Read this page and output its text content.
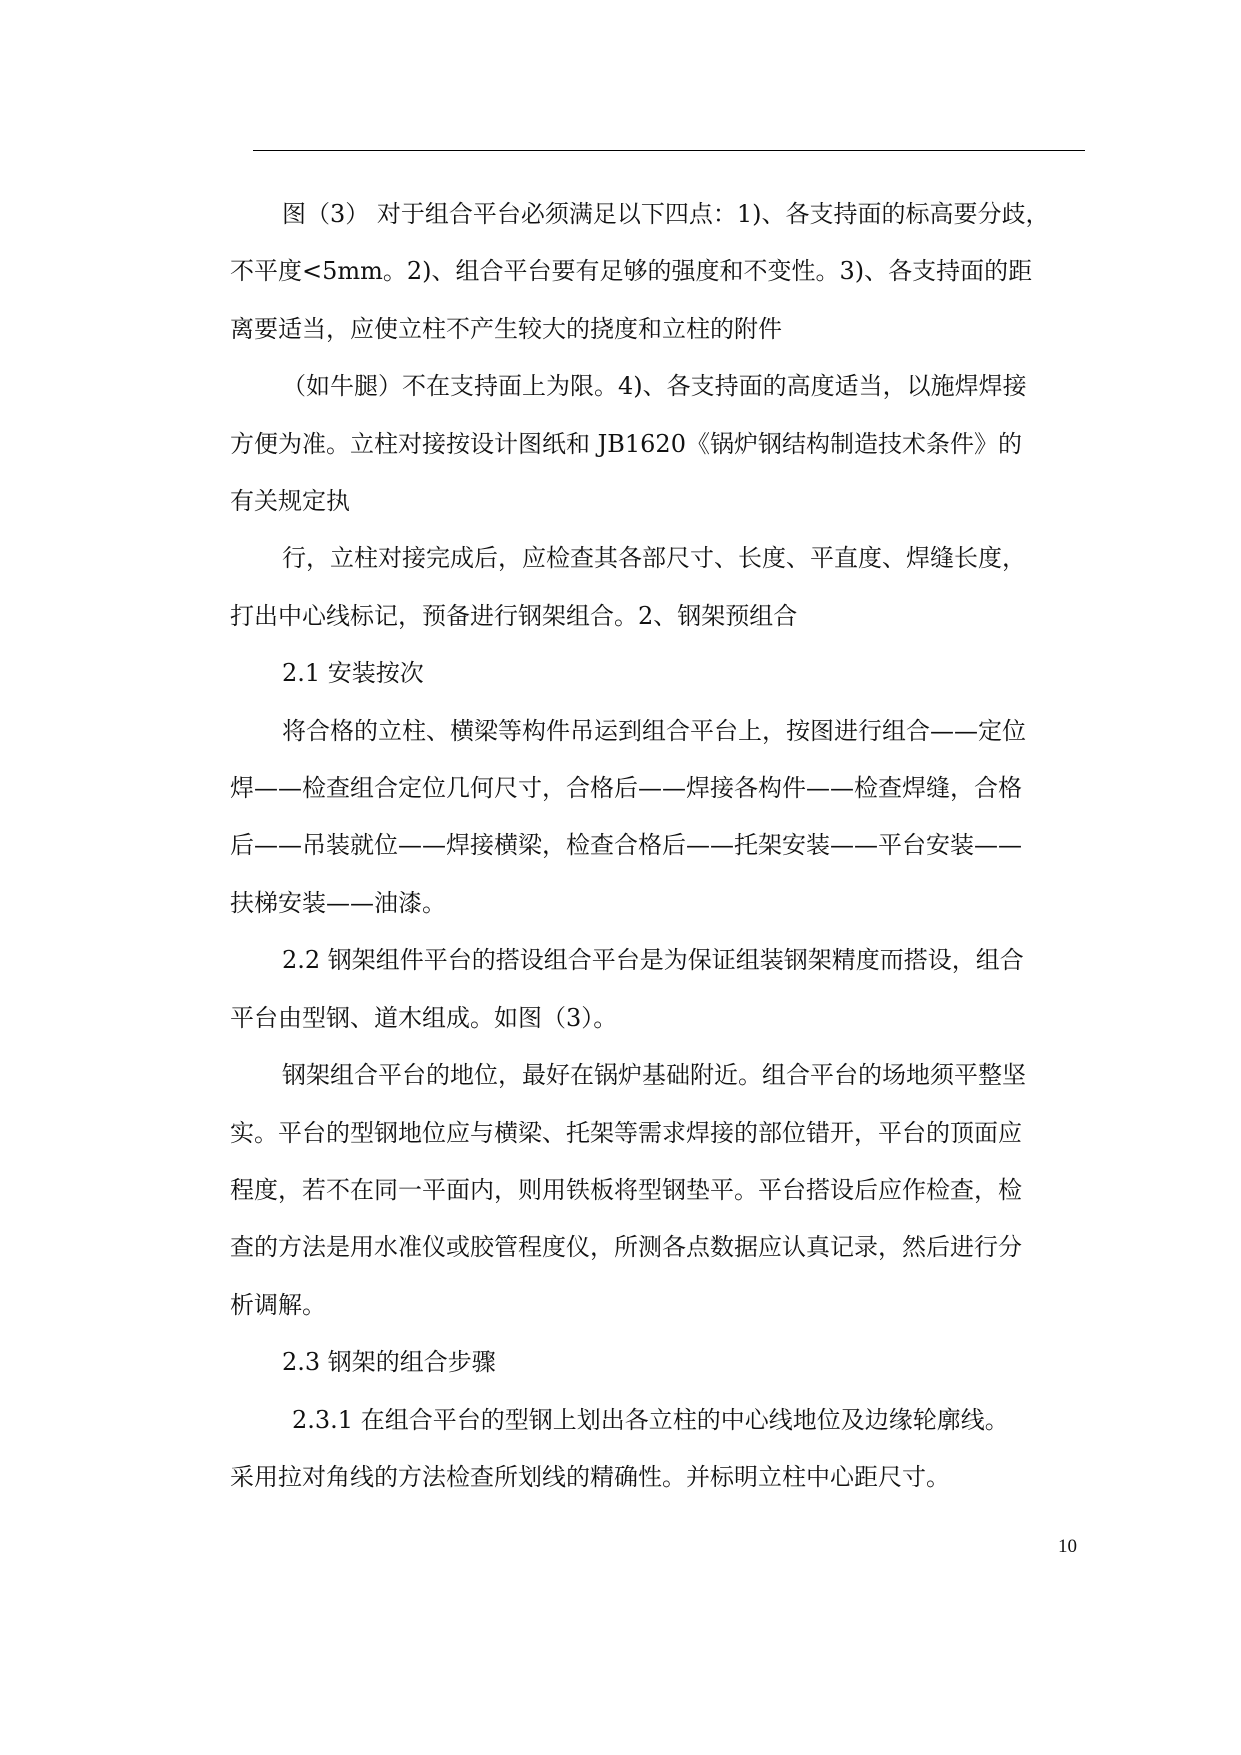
图（3） 对于组合平台必须满足以下四点：1)、各支持面的标高要分歧，

不平度<5mm。2)、组合平台要有足够的强度和不变性。3)、各支持面的距

离要适当，应使立柱不产生较大的挠度和立柱的附件

（如牛腿）不在支持面上为限。4)、各支持面的高度适当，以施焊焊接

方便为准。立柱对接按设计图纸和 JB1620《锅炉钢结构制造技术条件》的

有关规定执

行，立柱对接完成后，应检查其各部尺寸、长度、平直度、焊缝长度，

打出中心线标记，预备进行钢架组合。2、钢架预组合

2.1 安装按次

将合格的立柱、横梁等构件吊运到组合平台上，按图进行组合——定位

焊——检查组合定位几何尺寸，合格后——焊接各构件——检查焊缝，合格

后——吊装就位——焊接横梁，检查合格后——托架安装——平台安装——

扶梯安装——油漆。

2.2 钢架组件平台的搭设组合平台是为保证组装钢架精度而搭设，组合

平台由型钢、道木组成。如图（3）。

钢架组合平台的地位，最好在锅炉基础附近。组合平台的场地须平整坚

实。平台的型钢地位应与横梁、托架等需求焊接的部位错开，平台的顶面应

程度，若不在同一平面内，则用铁板将型钢垫平。平台搭设后应作检查，检

查的方法是用水准仪或胶管程度仪，所测各点数据应认真记录，然后进行分

析调解。

2.3 钢架的组合步骤

2.3.1 在组合平台的型钢上划出各立柱的中心线地位及边缘轮廓线。

采用拉对角线的方法检查所划线的精确性。并标明立柱中心距尺寸。

10
